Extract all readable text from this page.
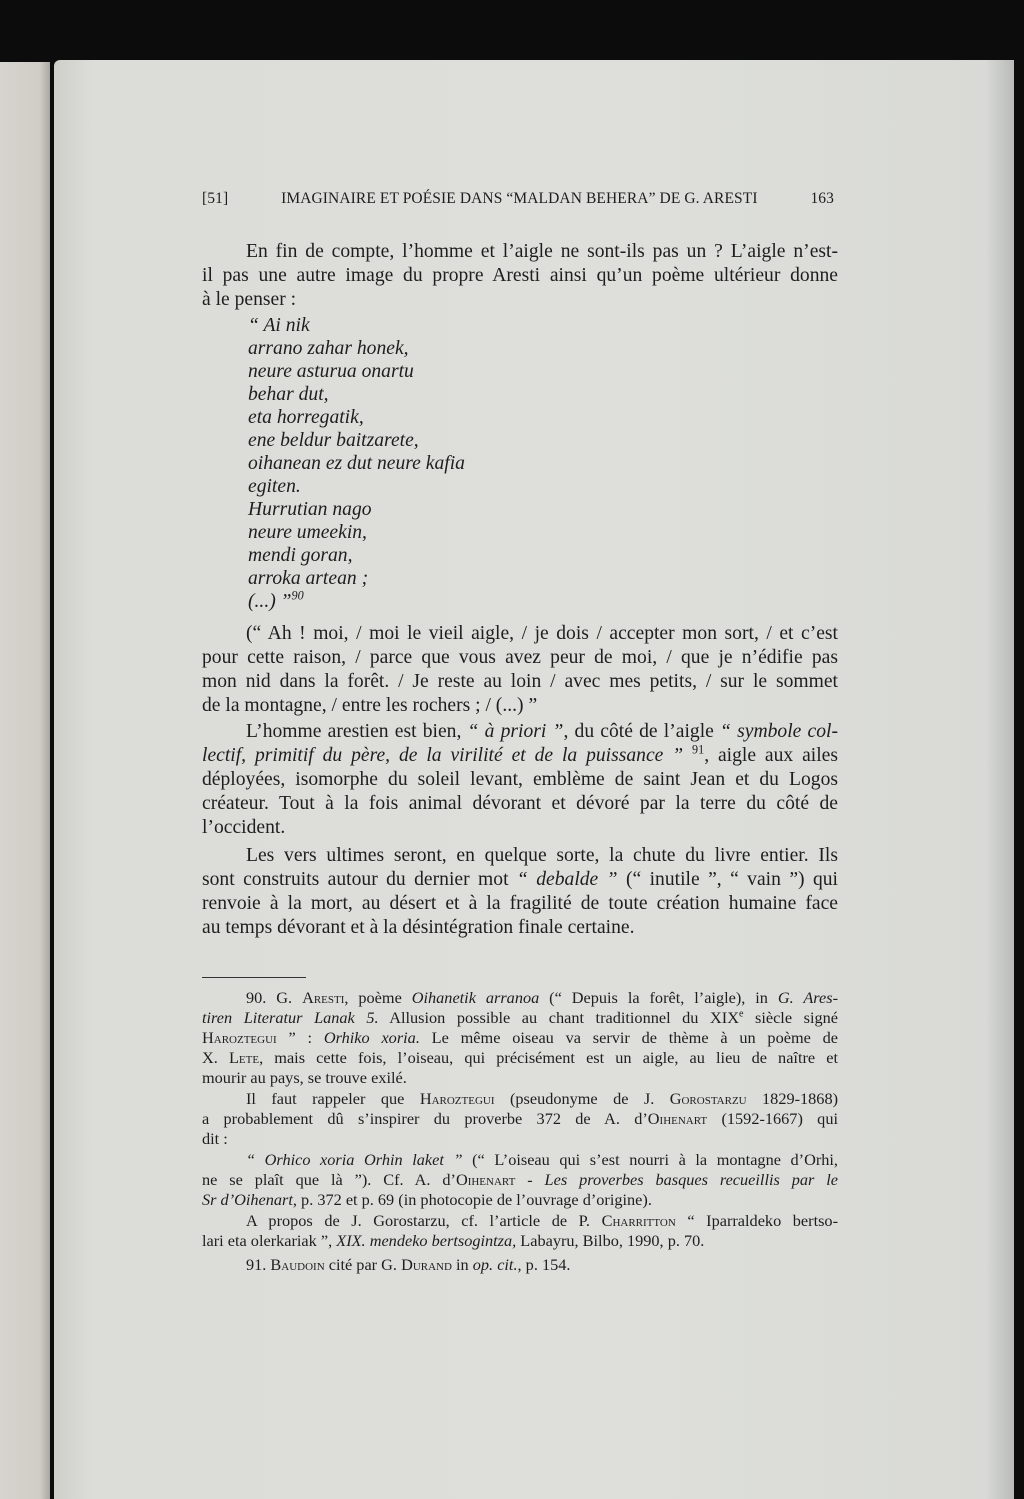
[51]	IMAGINAIRE ET POÉSIE DANS “MALDAN BEHERA” DE G. ARESTI	163
En fin de compte, l’homme et l’aigle ne sont-ils pas un ? L’aigle n’est-
il pas une autre image du propre Aresti ainsi qu’un poème ultérieur donne
à le penser :
“ Ai nik
arrano zahar honek,
neure asturua onartu
behar dut,
eta horregatik,
ene beldur baitzarete,
oihanean ez dut neure kafia
egiten.
Hurrutian nago
neure umeekin,
mendi goran,
arroka artean ;
(...) ”$^{90}$
(“ Ah ! moi, / moi le vieil aigle, / je dois / accepter mon sort, / et c’est
pour cette raison, / parce que vous avez peur de moi, / que je n’édifie pas
mon nid dans la forêt. / Je reste au loin / avec mes petits, / sur le sommet
de la montagne, / entre les rochers ; / (...) ”
L’homme arestien est bien, “ à priori ”, du côté de l’aigle “ symbole col-
lectif, primitif du père, de la virilité et de la puissance ” $^{91}$, aigle aux ailes
déployées, isomorphe du soleil levant, emblème de saint Jean et du Logos
créateur. Tout à la fois animal dévorant et dévoré par la terre du côté de
l’occident.
Les vers ultimes seront, en quelque sorte, la chute du livre entier. Ils
sont construits autour du dernier mot “ debalde ” (“ inutile ”, “ vain ”) qui
renvoie à la mort, au désert et à la fragilité de toute création humaine face
au temps dévorant et à la désintégration finale certaine.
90. G. Aresti, poème Oihanetik arranoa (“ Depuis la forêt, l’aigle), in G. Ares-
tiren Literatur Lanak 5. Allusion possible au chant traditionnel du XIXe siècle signé
Haroztegui ” : Orhiko xoria. Le même oiseau va servir de thème à un poème de
X. Lete, mais cette fois, l’oiseau, qui précisément est un aigle, au lieu de naître et
mourir au pays, se trouve exilé.
Il faut rappeler que Haroztegui (pseudonyme de J. Gorostarzu 1829-1868)
a probablement dû s’inspirer du proverbe 372 de A. d’Oihenart (1592-1667) qui
dit :
“ Orhico xoria Orhin laket ” (“ L’oiseau qui s’est nourri à la montagne d’Orhi,
ne se plaît que là ”). Cf. A. d’Oihenart - Les proverbes basques recueillis par le
Sr d’Oihenart, p. 372 et p. 69 (in photocopie de l’ouvrage d’origine).
A propos de J. Gorostarzu, cf. l’article de P. Charritton “ Iparraldeko bertso-
lari eta olerkariak ”, XIX. mendeko bertsogintza, Labayru, Bilbo, 1990, p. 70.
91. Baudoin cité par G. Durand in op. cit., p. 154.
